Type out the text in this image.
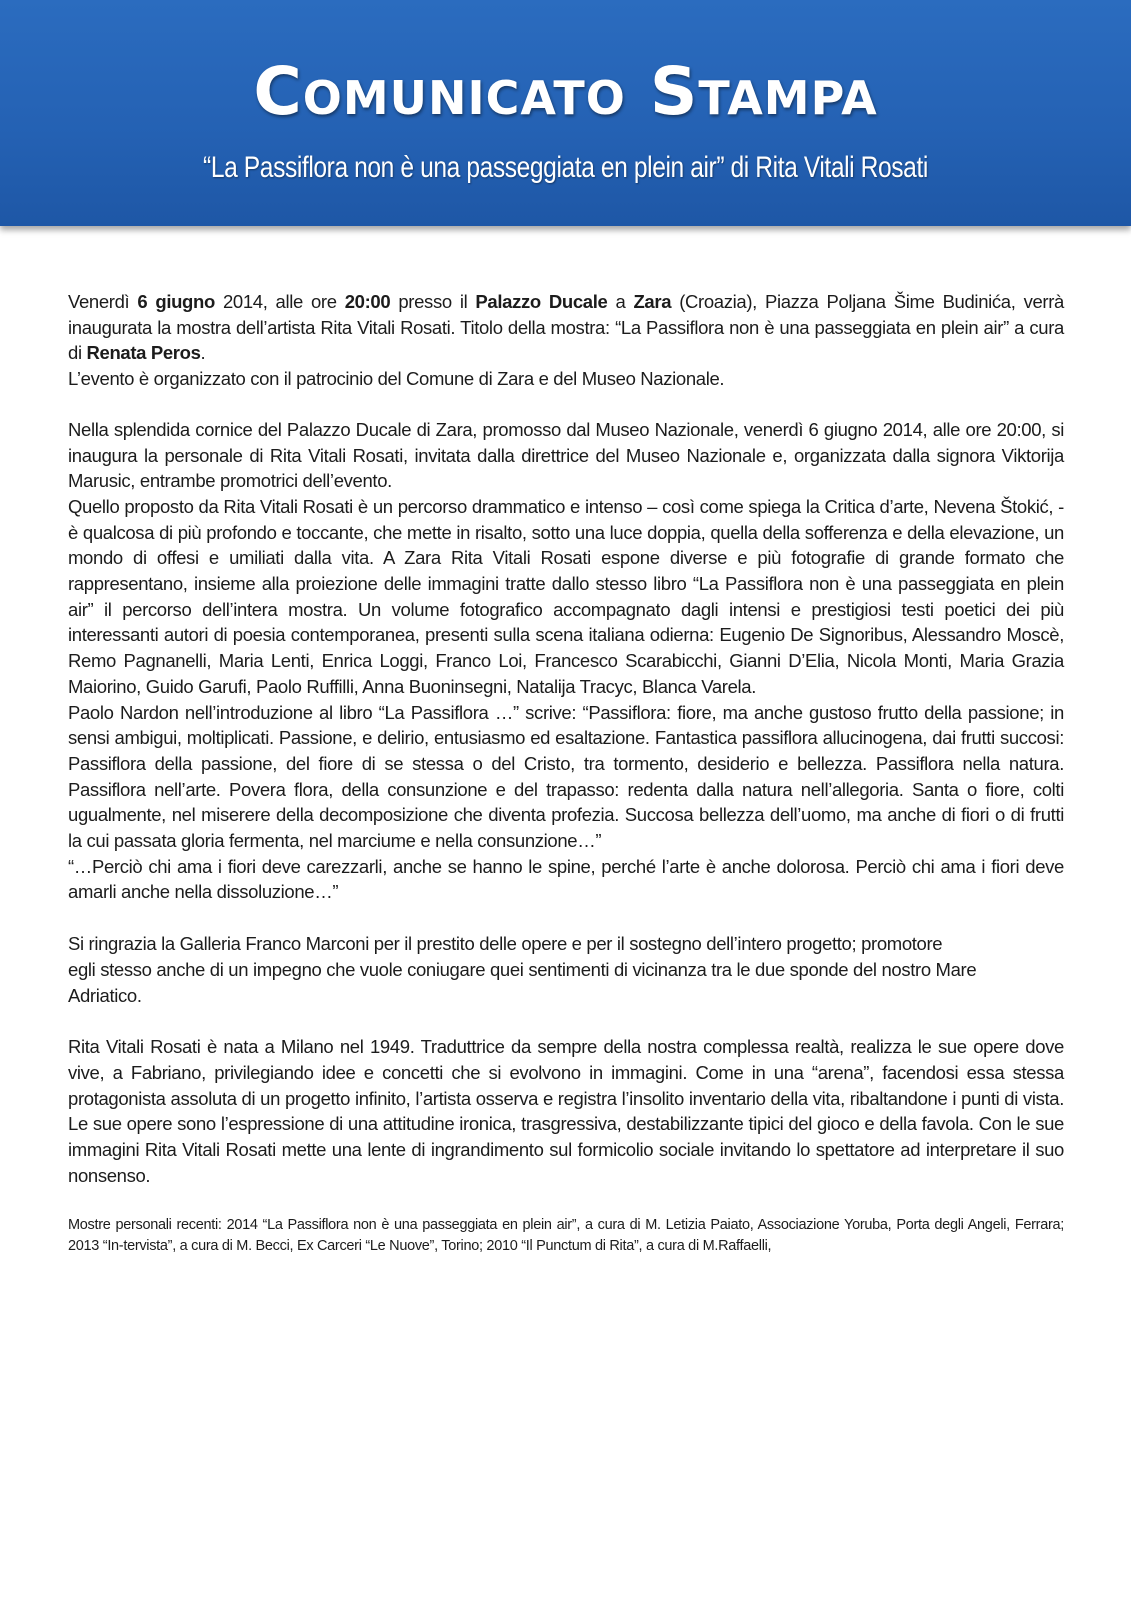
Comunicato Stampa
“La Passiflora non è una passeggiata en plein air” di Rita Vitali Rosati

Venerdì 6 giugno 2014, alle ore 20:00 presso il Palazzo Ducale a Zara (Croazia), Piazza Poljana Šime Budinića, verrà inaugurata la mostra dell’artista Rita Vitali Rosati. Titolo della mostra: “La Passiflora non è una passeggiata en plein air” a cura di Renata Peros.

L’evento è organizzato con il patrocinio del Comune di Zara e del Museo Nazionale.

Nella splendida cornice del Palazzo Ducale di Zara, promosso dal Museo Nazionale, venerdì 6 giugno 2014, alle ore 20:00, si inaugura la personale di Rita Vitali Rosati, invitata dalla direttrice del Museo Nazionale e, organizzata dalla signora Viktorija Marusic, entrambe promotrici dell’evento.

Quello proposto da Rita Vitali Rosati è un percorso drammatico e intenso – così come spiega la Critica d’arte, Nevena Štokić, - è qualcosa di più profondo e toccante, che mette in risalto, sotto una luce doppia, quella della sofferenza e della elevazione, un mondo di offesi e umiliati dalla vita. A Zara Rita Vitali Rosati espone diverse e più fotografie di grande formato che rappresentano, insieme alla proiezione delle immagini tratte dallo stesso libro “La Passiflora non è una passeggiata en plein air” il percorso dell’intera mostra. Un volume fotografico accompagnato dagli intensi e prestigiosi testi poetici dei più interessanti autori di poesia contemporanea, presenti sulla scena italiana odierna: Eugenio De Signoribus, Alessandro Moscè, Remo Pagnanelli, Maria Lenti, Enrica Loggi, Franco Loi, Francesco Scarabicchi, Gianni D’Elia, Nicola Monti, Maria Grazia Maiorino, Guido Garufi, Paolo Ruffilli, Anna Buoninsegni, Natalija Tracyc, Blanca Varela.

Paolo Nardon nell’introduzione al libro “La Passiflora …” scrive: “Passiflora: fiore, ma anche gustoso frutto della passione; in sensi ambigui, moltiplicati. Passione, e delirio, entusiasmo ed esaltazione. Fantastica passiflora allucinogena, dai frutti succosi: Passiflora della passione, del fiore di se stessa o del Cristo, tra tormento, desiderio e bellezza. Passiflora nella natura. Passiflora nell’arte. Povera flora, della consunzione e del trapasso: redenta dalla natura nell’allegoria. Santa o fiore, colti ugualmente, nel miserere della decomposizione che diventa profezia. Succosa bellezza dell’uomo, ma anche di fiori o di frutti la cui passata gloria fermenta, nel marciume e nella consunzione…”

“…Perciò chi ama i fiori deve carezzarli, anche se hanno le spine, perché l’arte è anche dolorosa. Perciò chi ama i fiori deve amarli anche nella dissoluzione…”

Si ringrazia la Galleria Franco Marconi per il prestito delle opere e per il sostegno dell’intero progetto; promotore
egli stesso anche di un impegno che vuole coniugare quei sentimenti di vicinanza tra le due sponde del nostro Mare
Adriatico.

Rita Vitali Rosati è nata a Milano nel 1949. Traduttrice da sempre della nostra complessa realtà, realizza le sue opere dove vive, a Fabriano, privilegiando idee e concetti che si evolvono in immagini. Come in una “arena”, facendosi essa stessa protagonista assoluta di un progetto infinito, l’artista osserva e registra l’insolito inventario della vita, ribaltandone i punti di vista. Le sue opere sono l’espressione di una attitudine ironica, trasgressiva, destabilizzante tipici del gioco e della favola. Con le sue immagini Rita Vitali Rosati mette una lente di ingrandimento sul formicolio sociale invitando lo spettatore ad interpretare il suo nonsenso.

Mostre personali recenti: 2014 “La Passiflora non è una passeggiata en plein air”, a cura di M. Letizia Paiato, Associazione Yoruba, Porta degli Angeli, Ferrara; 2013 “In-tervista”, a cura di M. Becci, Ex Carceri “Le Nuove”, Torino; 2010 “Il Punctum di Rita”, a cura di M.Raffaelli,
